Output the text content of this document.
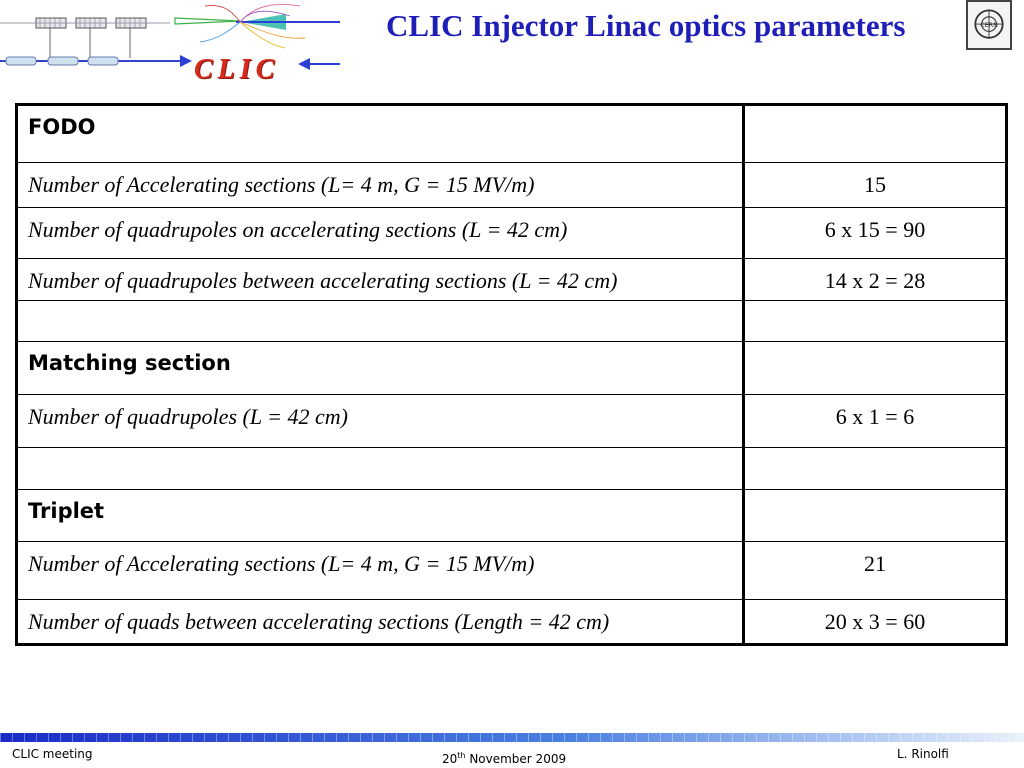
CLIC
CLIC Injector Linac optics parameters	CERN
FODO	
Number of Accelerating sections (L= 4 m, G = 15 MV/m)	15
Number of quadrupoles on accelerating sections (L = 42 cm)	6 x 15 = 90
Number of quadrupoles between accelerating sections (L = 42 cm)	14 x 2 = 28

Matching section	
Number of quadrupoles (L = 42 cm)	6 x 1 = 6

Triplet	
Number of Accelerating sections (L= 4 m, G = 15 MV/m)	21
Number of quads between accelerating sections (Length = 42 cm)	20 x 3 = 60
CLIC meeting	20th November 2009	L. Rinolfi
